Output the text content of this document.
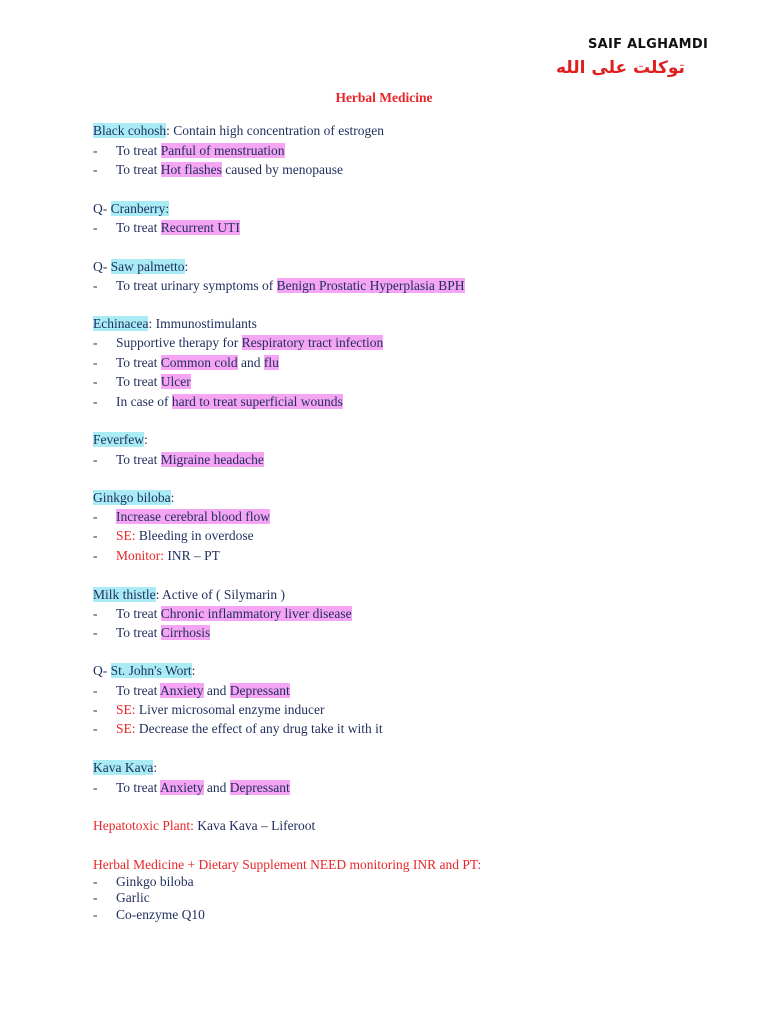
SAIF ALGHAMDI
توكلت على الله
Herbal Medicine
Black cohosh: Contain high concentration of estrogen
- To treat Panful of menstruation
- To treat Hot flashes caused by menopause
Q- Cranberry:
- To treat Recurrent UTI
Q- Saw palmetto:
- To treat urinary symptoms of Benign Prostatic Hyperplasia BPH
Echinacea: Immunostimulants
- Supportive therapy for Respiratory tract infection
- To treat Common cold and flu
- To treat Ulcer
- In case of hard to treat superficial wounds
Feverfew:
- To treat Migraine headache
Ginkgo biloba:
- Increase cerebral blood flow
- SE: Bleeding in overdose
- Monitor: INR – PT
Milk thistle: Active of ( Silymarin )
- To treat Chronic inflammatory liver disease
- To treat Cirrhosis
Q- St. John's Wort:
- To treat Anxiety and Depressant
- SE: Liver microsomal enzyme inducer
- SE: Decrease the effect of any drug take it with it
Kava Kava:
- To treat Anxiety and Depressant
Hepatotoxic Plant: Kava Kava – Liferoot
Herbal Medicine + Dietary Supplement NEED monitoring INR and PT:
- Ginkgo biloba
- Garlic
- Co-enzyme Q10
